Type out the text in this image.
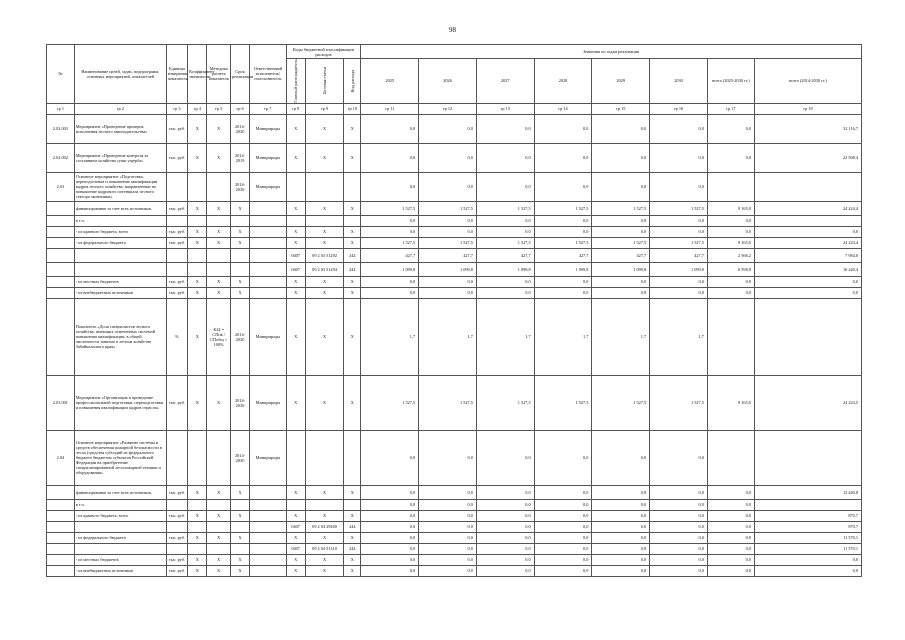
98
№	Наименование целей, задач, подпрограмм, основных мероприятий, показателей	Единица измерения показателя	Коэффициент значимости	Методика расчета показателя	Срок реализации	Ответственный исполнитель/соисполнитель	Коды бюджетной классификации расходов			Значения по годам реализации							

							Главный распорядитель	Целевая статья	Вид расхода	2025	2026	2027	2028	2029	2030	всего (2025-2030 гг.)	всего (2014-2030 гг.)
гр 1	гр 2	гр 3	гр 4	гр 5	гр 6	гр 7	гр 8	гр 9	гр 10	гр 11	гр 12	гр 13	гр 14	гр 15	гр 16	гр 17	гр 18
2.02.003	Мероприятие «Проведение проверок исполнения лесного законодательства»	тыс. руб.	Х	Х	2014-2030	Минприроды	Х	Х	Х	0,0	0,0	0,0	0,0	0,0	0,0	0,0	52 116,7
2.02.002	Мероприятие «Проведение контроля за состоянием хозяйства суши ущерба»	тыс. руб.	Х	Х	2014-2019	Минприроды	Х	Х	Х	0,0	0,0	0,0	0,0	0,0	0,0	0,0	22 508,4
2.03	Основное мероприятие «Подготовка, переподготовка и повышение квалификации кадров лесного хозяйства, направленные на повышение кадрового потенциала лесного сектора экономики»				2014-2030	Минприроды				0,0	0,0	0,0	0,0	0,0	0,0		
	финансирование за счет всех источников,	тыс. руб.	Х	Х	Х		Х	Х	Х	1 527,5	1 527,5	1 527,5	1 527,5	1 527,5	1 527,5	9 165,0	24 224,4
	в т.ч.									0,0	0,0	0,0	0,0	0,0	0,0	0,0	
	- из краевого бюджета, всего	тыс. руб.	Х	Х	Х		Х	Х	Х	0,0	0,0	0,0	0,0	0,0	0,0	0,0	0,0
	- из федерального бюджета	тыс. руб.	Х	Х	Х		Х	Х	Х	1 527,5	1 527,5	1 527,5	1 527,5	1 527,5	1 527,5	9 165,0	24 224,4
							0407	09 2 03 51292	244	427,7	427,7	427,7	427,7	427,7	427,7	2 566,2	7 984,0
							0407	09 2 03 51294	244	1 099,8	1 099,8	1 099,8	1 099,8	1 099,8	1 099,8	6 598,8	16 240,4
	- из местных бюджетов	тыс. руб.	Х	Х	Х		Х	Х	Х	0,0	0,0	0,0	0,0	0,0	0,0	0,0	0,0
	- из внебюджетных источников	тыс. руб.	Х	Х	Х		Х	Х	Х	0,0	0,0	0,0	0,0	0,0	0,0	0,0	0,0
	Показатель «Доля специалистов лесного хозяйства, имеющих отмеченных системой повышения квалификации, в общей численности занятых в лесном хозяйстве Забайкальского края»	%	Х	К24 = СПпк / СПобщ × 100%	2014-2030	Минприроды	Х	Х	Х	1,7	1,7	1,7	1,7	1,7	1,7		
2.03.001	Мероприятие «Организация и проведение профессиональной подготовки, переподготовки и повышения квалификации кадров отрасли»	тыс. руб.	Х	Х	2014-2030	Минприроды	Х	Х	Х	1 527,5	1 527,5	1 527,5	1 527,5	1 527,5	1 527,5	9 165,0	24 224,5
2.04	Основное мероприятие «Развитие системы и средств обеспечения пожарной безопасности в лесах (средства субсидий из федерального бюджета бюджетам субъектов Российской Федерации на приобретение специализированной лесопожарной техники и оборудования»				2014-2030	Минприроды				0,0	0,0	0,0	0,0	0,0	0,0		
	финансирование за счет всех источников,	тыс. руб.	Х	Х	Х		Х	Х	Х	0,0	0,0	0,0	0,0	0,0	0,0	0,0	12 440,8
	в т.ч.									0,0	0,0	0,0	0,0	0,0	0,0	0,0	
	- из краевого бюджета, всего	тыс. руб.	Х	Х	Х		Х	Х	Х	0,0	0,0	0,0	0,0	0,0	0,0	0,0	870,7
							0407	09 2 04 29400	244	0,0	0,0	0,0	0,0	0,0	0,0	0,0	870,7
	- из федерального бюджета	тыс. руб.	Х	Х	Х		Х	Х	Х	0,0	0,0	0,0	0,0	0,0	0,0	0,0	11 570,1
							0407	09 2 04 51310	244	0,0	0,0	0,0	0,0	0,0	0,0	0,0	11 570,1
	- из местных бюджетов	тыс. руб.	Х	Х	Х		Х	Х	Х	0,0	0,0	0,0	0,0	0,0	0,0	0,0	0,0
	- из внебюджетных источников	тыс. руб.	Х	Х	Х		Х	Х	Х	0,0	0,0	0,0	0,0	0,0	0,0	0,0	0,0
